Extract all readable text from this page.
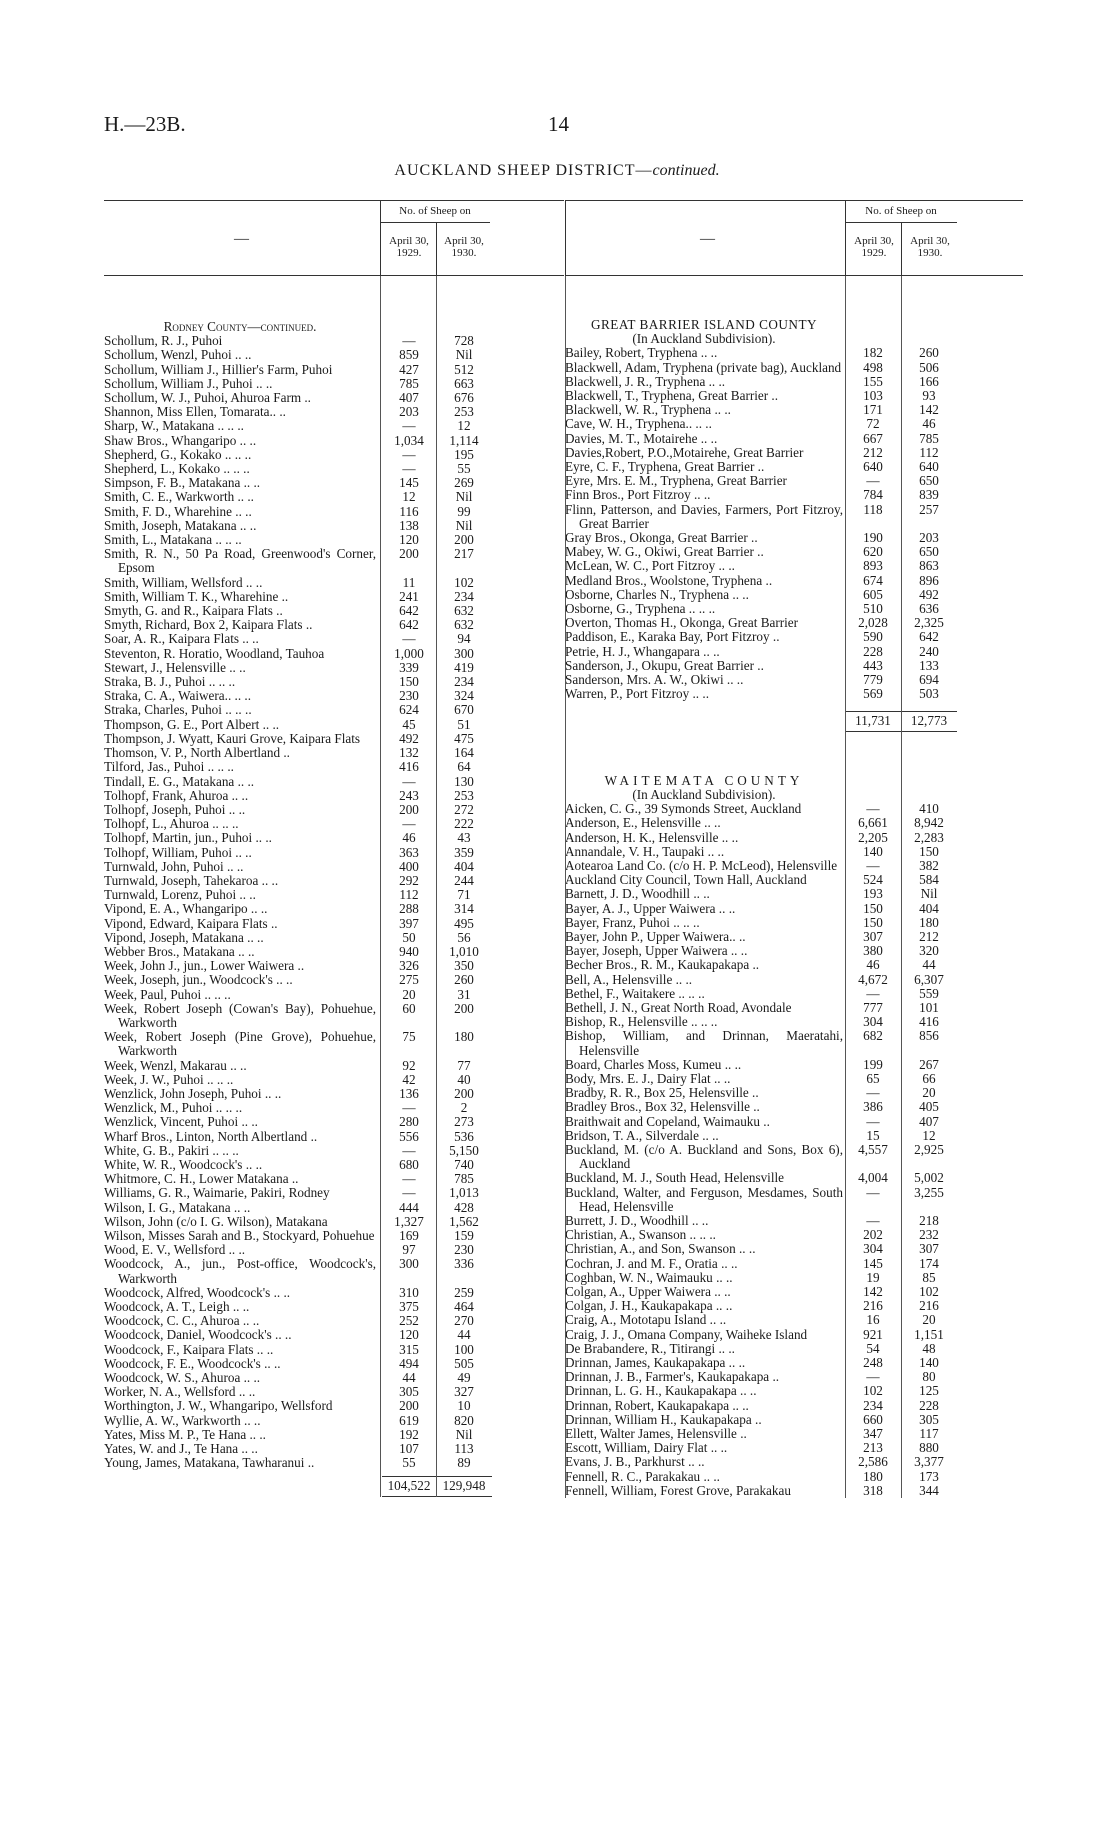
H.—23B.	14
AUCKLAND SHEEP DISTRICT—continued.
—
No. of Sheep on
April 30, 1929.
April 30, 1930.
Rodney County—continued.
Schollum, R. J., Puhoi	—	728
Schollum, Wenzl, Puhoi .. ..	859	Nil
Schollum, William J., Hillier's Farm, Puhoi	427	512
Schollum, William J., Puhoi .. ..	785	663
Schollum, W. J., Puhoi, Ahuroa Farm ..	407	676
Shannon, Miss Ellen, Tomarata.. ..	203	253
Sharp, W., Matakana .. .. ..	—	12
Shaw Bros., Whangaripo .. ..	1,034	1,114
Shepherd, G., Kokako .. .. ..	—	195
Shepherd, L., Kokako .. .. ..	—	55
Simpson, F. B., Matakana .. ..	145	269
Smith, C. E., Warkworth .. ..	12	Nil
Smith, F. D., Wharehine .. ..	116	99
Smith, Joseph, Matakana .. ..	138	Nil
Smith, L., Matakana .. .. ..	120	200
Smith, R. N., 50 Pa Road, Greenwood's Corner, Epsom
200	217
Smith, William, Wellsford .. ..	11	102
Smith, William T. K., Wharehine ..	241	234
Smyth, G. and R., Kaipara Flats ..	642	632
Smyth, Richard, Box 2, Kaipara Flats ..	642	632
Soar, A. R., Kaipara Flats .. ..	—	94
Steventon, R. Horatio, Woodland, Tauhoa	1,000	300
Stewart, J., Helensville .. ..	339	419
Straka, B. J., Puhoi .. .. ..	150	234
Straka, C. A., Waiwera.. .. ..	230	324
Straka, Charles, Puhoi .. .. ..	624	670
Thompson, G. E., Port Albert .. ..	45	51
Thompson, J. Wyatt, Kauri Grove, Kaipara Flats	492	475
Thomson, V. P., North Albertland ..	132	164
Tilford, Jas., Puhoi .. .. ..	416	64
Tindall, E. G., Matakana .. ..	—	130
Tolhopf, Frank, Ahuroa .. ..	243	253
Tolhopf, Joseph, Puhoi .. ..	200	272
Tolhopf, L., Ahuroa .. .. ..	—	222
Tolhopf, Martin, jun., Puhoi .. ..	46	43
Tolhopf, William, Puhoi .. ..	363	359
Turnwald, John, Puhoi .. ..	400	404
Turnwald, Joseph, Tahekaroa .. ..	292	244
Turnwald, Lorenz, Puhoi .. ..	112	71
Vipond, E. A., Whangaripo .. ..	288	314
Vipond, Edward, Kaipara Flats ..	397	495
Vipond, Joseph, Matakana .. ..	50	56
Webber Bros., Matakana .. ..	940	1,010
Week, John J., jun., Lower Waiwera ..	326	350
Week, Joseph, jun., Woodcock's .. ..	275	260
Week, Paul, Puhoi .. .. ..	20	31
Week, Robert Joseph (Cowan's Bay), Pohuehue, Warkworth
60	200
Week, Robert Joseph (Pine Grove), Pohuehue, Warkworth
75	180
Week, Wenzl, Makarau .. ..	92	77
Week, J. W., Puhoi .. .. ..	42	40
Wenzlick, John Joseph, Puhoi .. ..	136	200
Wenzlick, M., Puhoi .. .. ..	—	2
Wenzlick, Vincent, Puhoi .. ..	280	273
Wharf Bros., Linton, North Albertland ..	556	536
White, G. B., Pakiri .. .. ..	—	5,150
White, W. R., Woodcock's .. ..	680	740
Whitmore, C. H., Lower Matakana ..	—	785
Williams, G. R., Waimarie, Pakiri, Rodney	—	1,013
Wilson, I. G., Matakana .. ..	444	428
Wilson, John (c/o I. G. Wilson), Matakana	1,327	1,562
Wilson, Misses Sarah and B., Stockyard, Pohuehue	169	159
Wood, E. V., Wellsford .. ..	97	230
Woodcock, A., jun., Post-office, Woodcock's, Warkworth
300	336
Woodcock, Alfred, Woodcock's .. ..	310	259
Woodcock, A. T., Leigh .. ..	375	464
Woodcock, C. C., Ahuroa .. ..	252	270
Woodcock, Daniel, Woodcock's .. ..	120	44
Woodcock, F., Kaipara Flats .. ..	315	100
Woodcock, F. E., Woodcock's .. ..	494	505
Woodcock, W. S., Ahuroa .. ..	44	49
Worker, N. A., Wellsford .. ..	305	327
Worthington, J. W., Whangaripo, Wellsford	200	10
Wyllie, A. W., Warkworth .. ..	619	820
Yates, Miss M. P., Te Hana .. ..	192	Nil
Yates, W. and J., Te Hana .. ..	107	113
Young, James, Matakana, Tawharanui ..	55	89
104,522 129,948
—
No. of Sheep on
April 30, 1929.
April 30, 1930.
GREAT BARRIER ISLAND COUNTY
(In Auckland Subdivision).
Bailey, Robert, Tryphena .. ..	182	260
Blackwell, Adam, Tryphena (private bag), Auckland	498	506
Blackwell, J. R., Tryphena .. ..	155	166
Blackwell, T., Tryphena, Great Barrier ..	103	93
Blackwell, W. R., Tryphena .. ..	171	142
Cave, W. H., Tryphena.. .. ..	72	46
Davies, M. T., Motairehe .. ..	667	785
Davies,Robert, P.O.,Motairehe, Great Barrier	212	112
Eyre, C. F., Tryphena, Great Barrier ..	640	640
Eyre, Mrs. E. M., Tryphena, Great Barrier	—	650
Finn Bros., Port Fitzroy .. ..	784	839
Flinn, Patterson, and Davies, Farmers, Port Fitzroy, Great Barrier
118	257
Gray Bros., Okonga, Great Barrier ..	190	203
Mabey, W. G., Okiwi, Great Barrier ..	620	650
McLean, W. C., Port Fitzroy .. ..	893	863
Medland Bros., Woolstone, Tryphena ..	674	896
Osborne, Charles N., Tryphena .. ..	605	492
Osborne, G., Tryphena .. .. ..	510	636
Overton, Thomas H., Okonga, Great Barrier	2,028	2,325
Paddison, E., Karaka Bay, Port Fitzroy ..	590	642
Petrie, H. J., Whangapara .. ..	228	240
Sanderson, J., Okupu, Great Barrier ..	443	133
Sanderson, Mrs. A. W., Okiwi .. ..	779	694
Warren, P., Port Fitzroy .. ..	569	503
11,731	12,773
WAITEMATA COUNTY
(In Auckland Subdivision).
Aicken, C. G., 39 Symonds Street, Auckland	—	410
Anderson, E., Helensville .. ..	6,661	8,942
Anderson, H. K., Helensville .. ..	2,205	2,283
Annandale, V. H., Taupaki .. ..	140	150
Aotearoa Land Co. (c/o H. P. McLeod), Helensville	—	382
Auckland City Council, Town Hall, Auckland	524	584
Barnett, J. D., Woodhill .. ..	193	Nil
Bayer, A. J., Upper Waiwera .. ..	150	404
Bayer, Franz, Puhoi .. .. ..	150	180
Bayer, John P., Upper Waiwera.. ..	307	212
Bayer, Joseph, Upper Waiwera .. ..	380	320
Becher Bros., R. M., Kaukapakapa ..	46	44
Bell, A., Helensville .. ..	4,672	6,307
Bethel, F., Waitakere .. .. ..	—	559
Bethell, J. N., Great North Road, Avondale	777	101
Bishop, R., Helensville .. .. ..	304	416
Bishop, William, and Drinnan, Maeratahi, Helensville
682	856
Board, Charles Moss, Kumeu .. ..	199	267
Body, Mrs. E. J., Dairy Flat .. ..	65	66
Bradby, R. R., Box 25, Helensville ..	—	20
Bradley Bros., Box 32, Helensville ..	386	405
Braithwait and Copeland, Waimauku ..	—	407
Bridson, T. A., Silverdale .. ..	15	12
Buckland, M. (c/o A. Buckland and Sons, Box 6), Auckland
4,557	2,925
Buckland, M. J., South Head, Helensville	4,004	5,002
Buckland, Walter, and Ferguson, Mesdames, South Head, Helensville
—	3,255
Burrett, J. D., Woodhill .. ..	—	218
Christian, A., Swanson .. .. ..	202	232
Christian, A., and Son, Swanson .. ..	304	307
Cochran, J. and M. F., Oratia .. ..	145	174
Coghban, W. N., Waimauku .. ..	19	85
Colgan, A., Upper Waiwera .. ..	142	102
Colgan, J. H., Kaukapakapa .. ..	216	216
Craig, A., Mototapu Island .. ..	16	20
Craig, J. J., Omana Company, Waiheke Island	921	1,151
De Brabandere, R., Titirangi .. ..	54	48
Drinnan, James, Kaukapakapa .. ..	248	140
Drinnan, J. B., Farmer's, Kaukapakapa ..	—	80
Drinnan, L. G. H., Kaukapakapa .. ..	102	125
Drinnan, Robert, Kaukapakapa .. ..	234	228
Drinnan, William H., Kaukapakapa ..	660	305
Ellett, Walter James, Helensville ..	347	117
Escott, William, Dairy Flat .. ..	213	880
Evans, J. B., Parkhurst .. ..	2,586	3,377
Fennell, R. C., Parakakau .. ..	180	173
Fennell, William, Forest Grove, Parakakau	318	344
